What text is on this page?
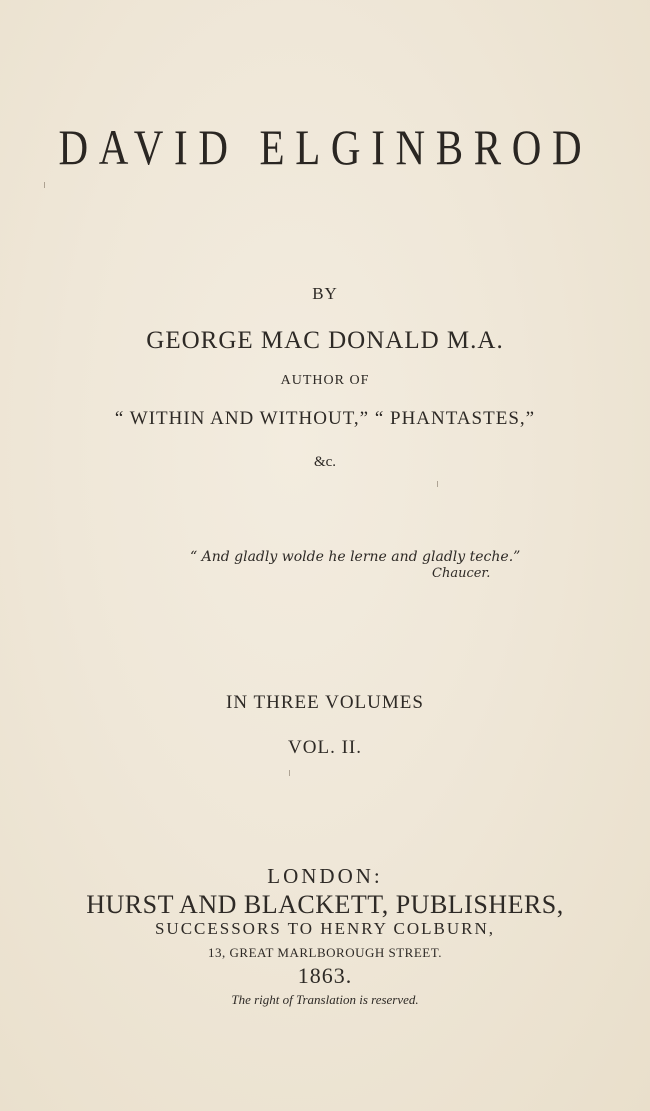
DAVID ELGINBROD
BY
GEORGE MAC DONALD M.A.
AUTHOR OF
“ WITHIN AND WITHOUT,” “ PHANTASTES,”
&c.
“ And gladly wolde he lerne and gladly teche.”
Chaucer.
IN THREE VOLUMES
VOL. II.
LONDON:
HURST AND BLACKETT, PUBLISHERS,
SUCCESSORS TO HENRY COLBURN,
13, GREAT MARLBOROUGH STREET.
1863.
The right of Translation is reserved.
